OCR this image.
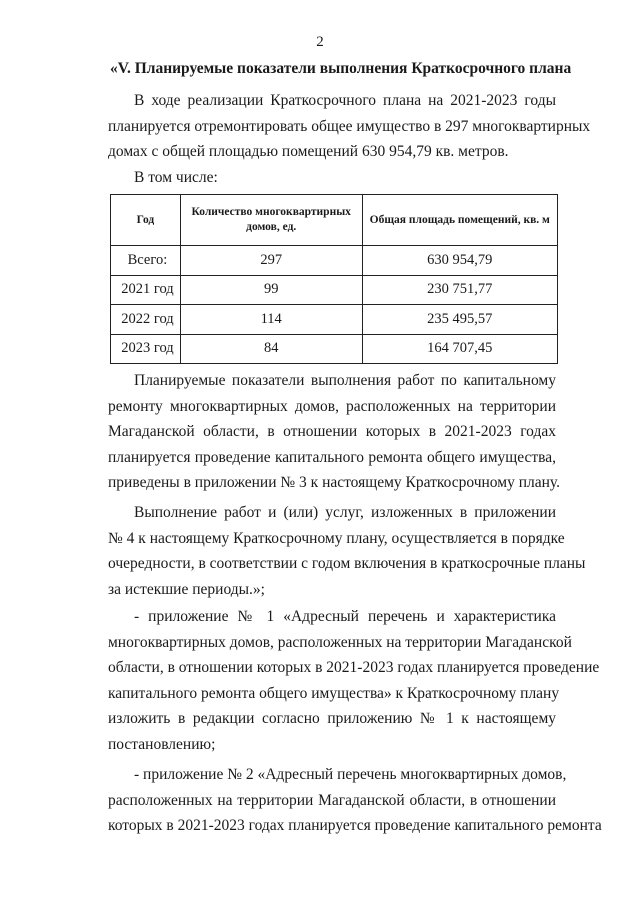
2
«V. Планируемые показатели выполнения Краткосрочного плана
В ходе реализации Краткосрочного плана на 2021-2023 годы
планируется отремонтировать общее имущество в 297 многоквартирных
домах с общей площадью помещений 630 954,79 кв. метров.
В том числе:
Год	Количество многоквартирных домов, ед.	Общая площадь помещений, кв. м
Всего:	297	630 954,79
2021 год	99	230 751,77
2022 год	114	235 495,57
2023 год	84	164 707,45
Планируемые показатели выполнения работ по капитальному
ремонту многоквартирных домов, расположенных на территории
Магаданской области, в отношении которых в 2021-2023 годах
планируется проведение капитального ремонта общего имущества,
приведены в приложении № 3 к настоящему Краткосрочному плану.
Выполнение работ и (или) услуг, изложенных в приложении
№ 4 к настоящему Краткосрочному плану, осуществляется в порядке
очередности, в соответствии с годом включения в краткосрочные планы
за истекшие периоды.»;
- приложение № 1 «Адресный перечень и характеристика
многоквартирных домов, расположенных на территории Магаданской
области, в отношении которых в 2021-2023 годах планируется проведение
капитального ремонта общего имущества» к Краткосрочному плану
изложить в редакции согласно приложению № 1 к настоящему
постановлению;
- приложение № 2 «Адресный перечень многоквартирных домов,
расположенных на территории Магаданской области, в отношении
которых в 2021-2023 годах планируется проведение капитального ремонта
